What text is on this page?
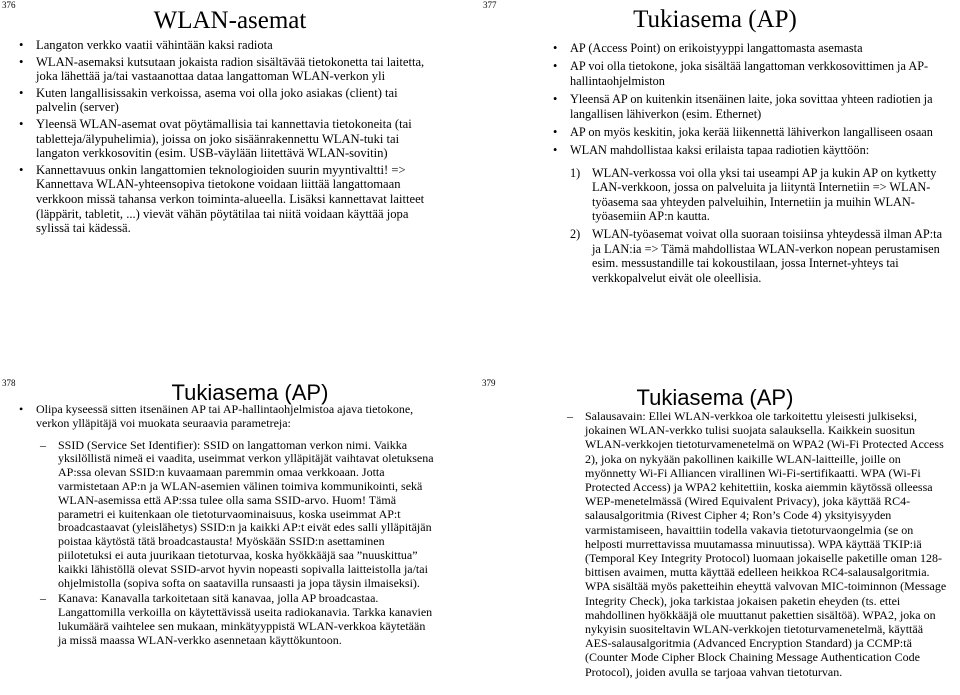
376
WLAN-asemat
• Langaton verkko vaatii vähintään kaksi radiota
• WLAN-asemaksi kutsutaan jokaista radion sisältävää tietokonetta tai laitetta, joka lähettää ja/tai vastaanottaa dataa langattoman WLAN-verkon yli
• Kuten langallisissakin verkoissa, asema voi olla joko asiakas (client) tai palvelin (server)
• Yleensä WLAN-asemat ovat pöytämallisia tai kannettavia tietokoneita (tai tabletteja/älypuhelimia), joissa on joko sisäänrakennettu WLAN-tuki tai langaton verkkosovitin (esim. USB-väylään liitettävä WLAN-sovitin)
• Kannettavuus onkin langattomien teknologioiden suurin myyntivaltti! => Kannettava WLAN-yhteensopiva tietokone voidaan liittää langattomaan verkkoon missä tahansa verkon toiminta-alueella. Lisäksi kannettavat laitteet (läppärit, tabletit, ...) vievät vähän pöytätilaa tai niitä voidaan käyttää jopa sylissä tai kädessä.
377
Tukiasema (AP)
• AP (Access Point) on erikoistyyppi langattomasta asemasta
• AP voi olla tietokone, joka sisältää langattoman verkkosovittimen ja AP-hallintaohjelmiston
• Yleensä AP on kuitenkin itsenäinen laite, joka sovittaa yhteen radiotien ja langallisen lähiverkon (esim. Ethernet)
• AP on myös keskitin, joka kerää liikennettä lähiverkon langalliseen osaan
• WLAN mahdollistaa kaksi erilaista tapaa radiotien käyttöön:
1) WLAN-verkossa voi olla yksi tai useampi AP ja kukin AP on kytketty LAN-verkkoon, jossa on palveluita ja liityntä Internetiin => WLAN-työasema saa yhteyden palveluihin, Internetiin ja muihin WLAN-työasemiin AP:n kautta.
2) WLAN-työasemat voivat olla suoraan toisiinsa yhteydessä ilman AP:ta ja LAN:ia => Tämä mahdollistaa WLAN-verkon nopean perustamisen esim. messustandille tai kokoustilaan, jossa Internet-yhteys tai verkkopalvelut eivät ole oleellisia.
378	Tukiasema (AP)
• Olipa kyseessä sitten itsenäinen AP tai AP-hallintaohjelmistoa ajava tietokone, verkon ylläpitäjä voi muokata seuraavia parametreja:
– SSID (Service Set Identifier): SSID on langattoman verkon nimi. Vaikka yksilöllistä nimeä ei vaadita, useimmat verkon ylläpitäjät vaihtavat oletuksena AP:ssa olevan SSID:n kuvaamaan paremmin omaa verkkoaan. Jotta varmistetaan AP:n ja WLAN-asemien välinen toimiva kommunikointi, sekä WLAN-asemissa että AP:ssa tulee olla sama SSID-arvo. Huom! Tämä parametri ei kuitenkaan ole tietoturvaominaisuus, koska useimmat AP:t broadcastaavat (yleislähetys) SSID:n ja kaikki AP:t eivät edes salli ylläpitäjän poistaa käytöstä tätä broadcastausta! Myöskään SSID:n asettaminen piilotetuksi ei auta juurikaan tietoturvaa, koska hyökkääjä saa ”nuuskittua” kaikki lähistöllä olevat SSID-arvot hyvin nopeasti sopivalla laitteistolla ja/tai ohjelmistolla (sopiva softa on saatavilla runsaasti ja jopa täysin ilmaiseksi).
– Kanava: Kanavalla tarkoitetaan sitä kanavaa, jolla AP broadcastaa. Langattomilla verkoilla on käytettävissä useita radiokanavia. Tarkka kanavien lukumäärä vaihtelee sen mukaan, minkätyyppistä WLAN-verkkoa käytetään ja missä maassa WLAN-verkko asennetaan käyttökuntoon.
379
Tukiasema (AP)
– Salausavain: Ellei WLAN-verkkoa ole tarkoitettu yleisesti julkiseksi, jokainen WLAN-verkko tulisi suojata salauksella. Kaikkein suositun WLAN-verkkojen tietoturvamenetelmä on WPA2 (Wi-Fi Protected Access 2), joka on nykyään pakollinen kaikille WLAN-laitteille, joille on myönnetty Wi-Fi Alliancen virallinen Wi-Fi-sertifikaatti. WPA (Wi-Fi Protected Access) ja WPA2 kehitettiin, koska aiemmin käytössä olleessa WEP-menetelmässä (Wired Equivalent Privacy), joka käyttää RC4-salausalgoritmia (Rivest Cipher 4; Ron’s Code 4) yksityisyyden varmistamiseen, havaittiin todella vakavia tietoturvaongelmia (se on helposti murrettavissa muutamassa minuutissa). WPA käyttää TKIP:iä (Temporal Key Integrity Protocol) luomaan jokaiselle paketille oman 128-bittisen avaimen, mutta käyttää edelleen heikkoa RC4-salausalgoritmia. WPA sisältää myös paketteihin eheyttä valvovan MIC-toiminnon (Message Integrity Check), joka tarkistaa jokaisen paketin eheyden (ts. ettei mahdollinen hyökkääjä ole muuttanut pakettien sisältöä). WPA2, joka on nykyisin suositeltavin WLAN-verkkojen tietoturvamenetelmä, käyttää AES-salausalgoritmia (Advanced Encryption Standard) ja CCMP:tä (Counter Mode Cipher Block Chaining Message Authentication Code Protocol), joiden avulla se tarjoaa vahvan tietoturvan.
